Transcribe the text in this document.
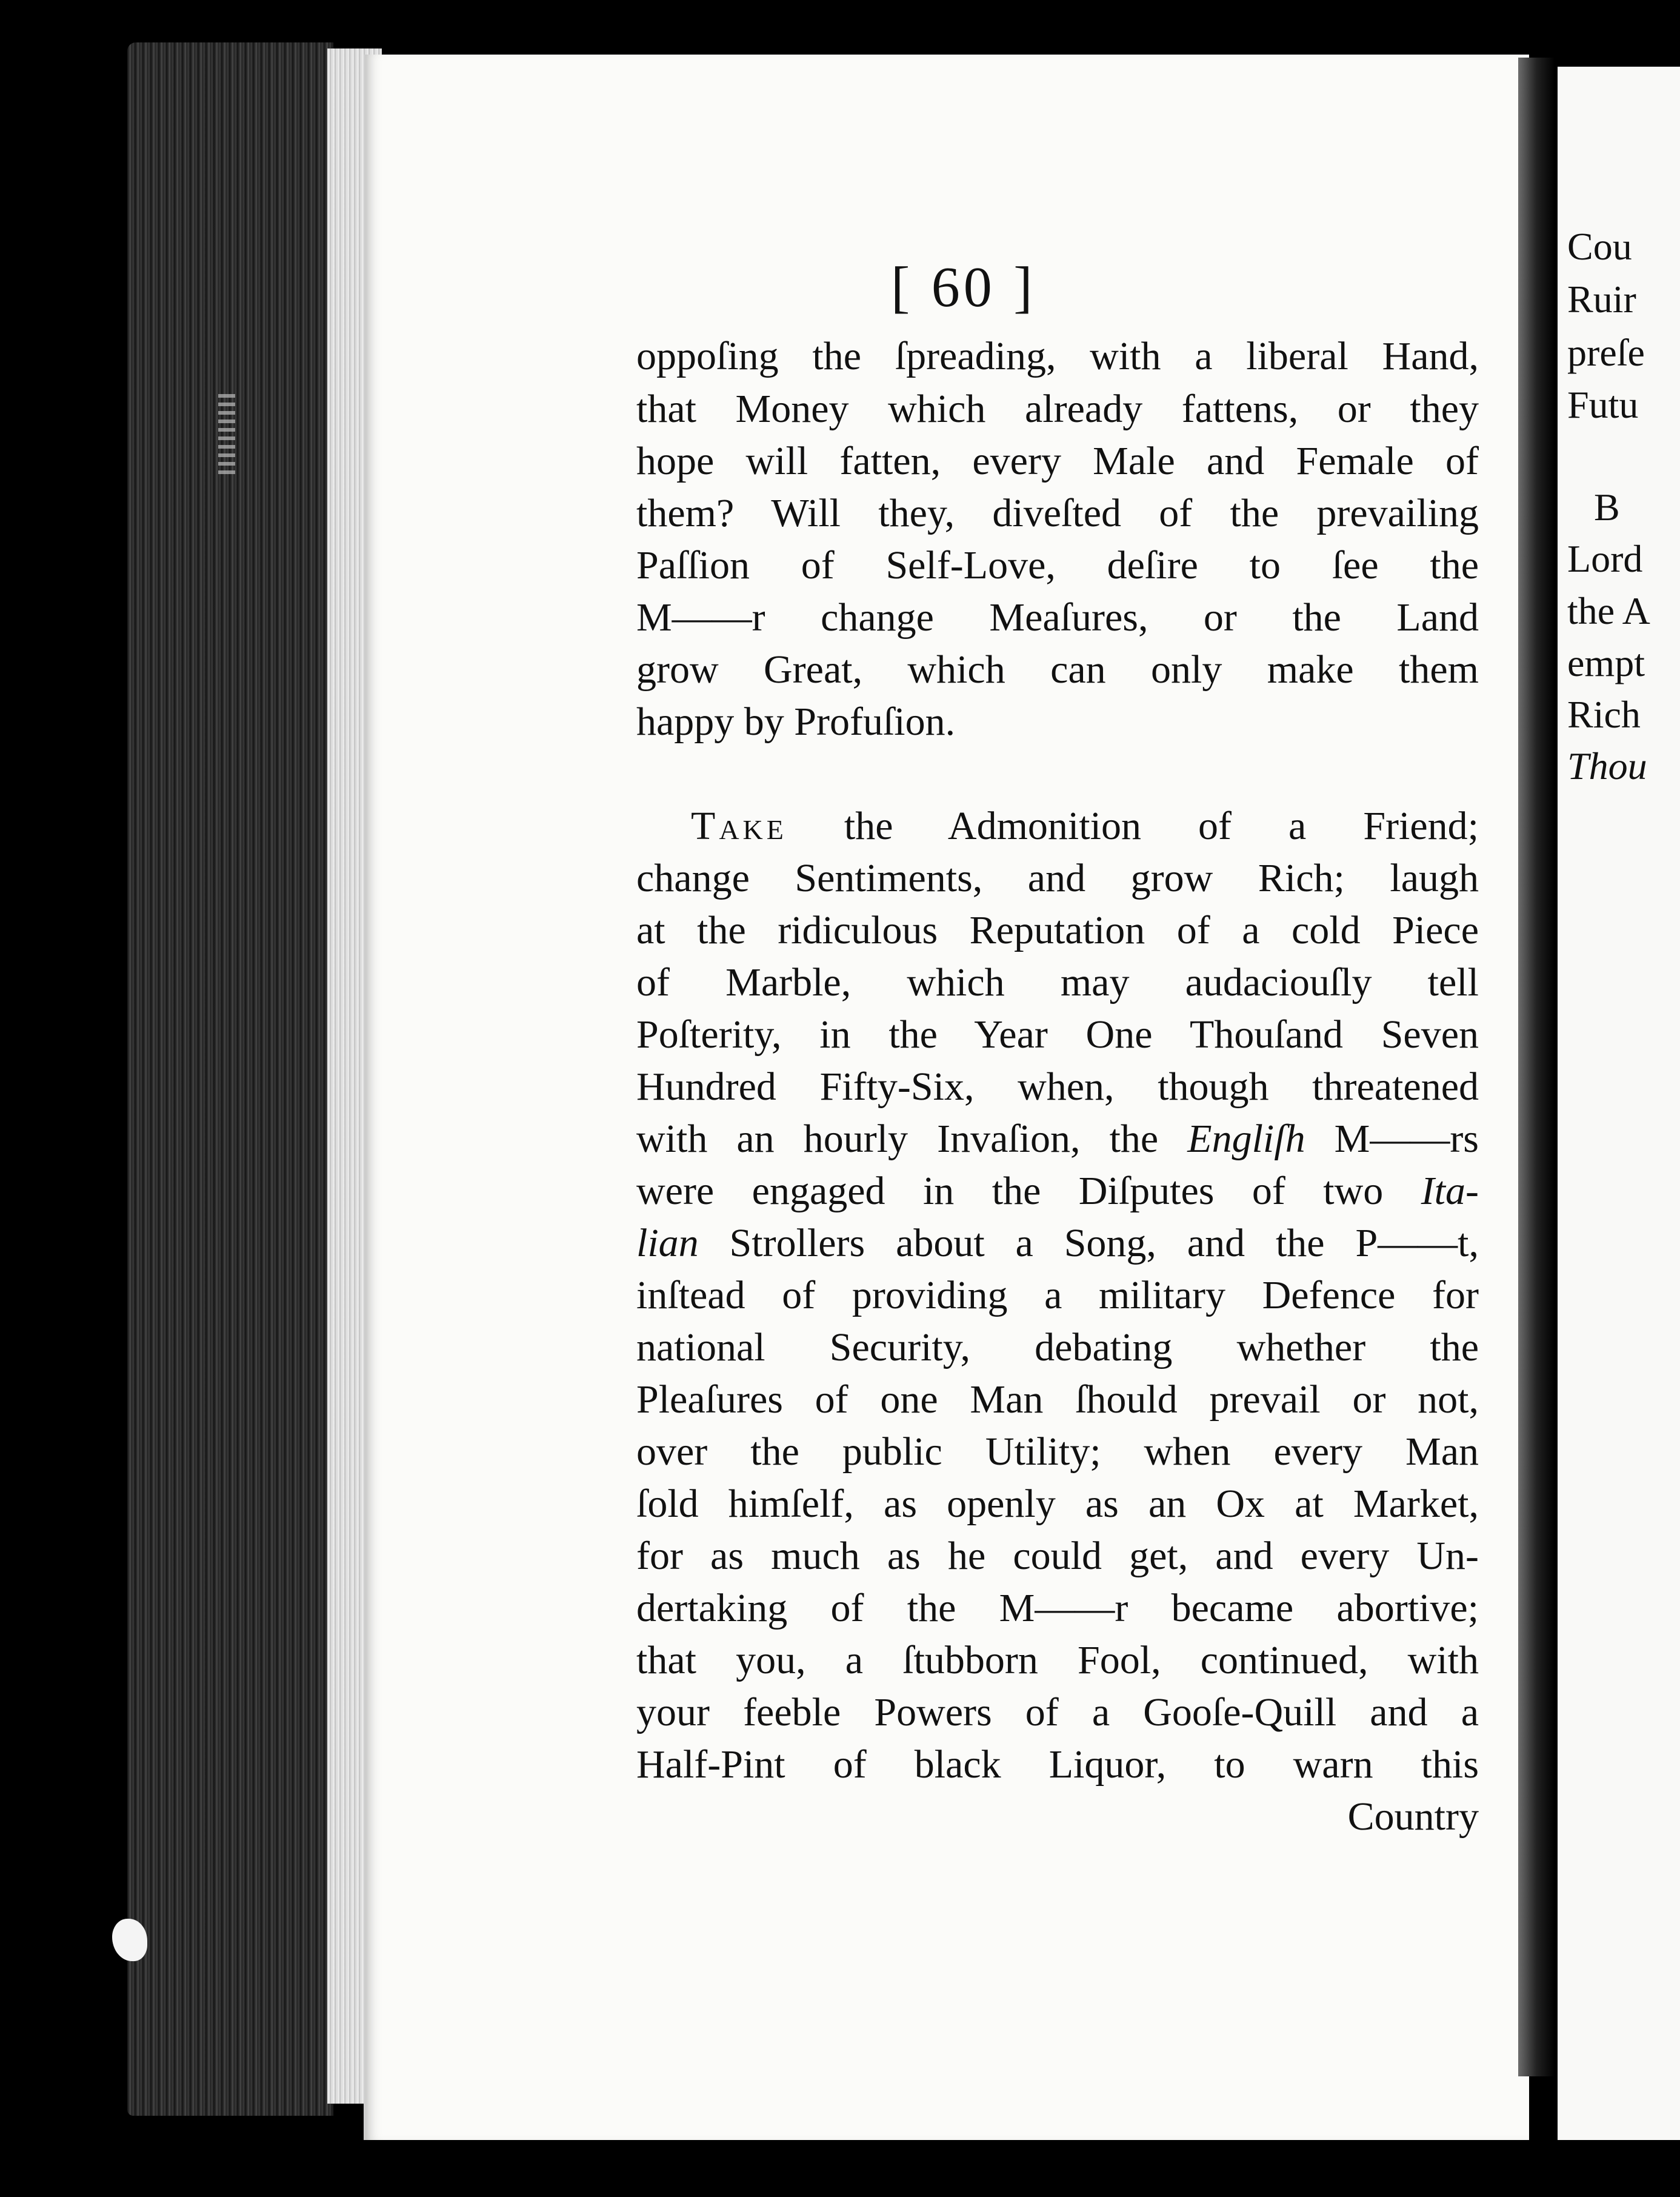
Cou
Ruir
preſe
Futu
B
Lord
the A
empt
Rich
Thou
[ 60 ]
oppoſing the ſpreading, with a liberal Hand,
that Money which already fattens, or they
hope will fatten, every Male and Female of
them? Will they, diveſted of the prevailing
Paſſion of Self-Love, deſire to ſee the
M——r change Meaſures, or the Land
grow Great, which can only make them
happy by Profuſion.
Take the Admonition of a Friend;
change Sentiments, and grow Rich; laugh
at the ridiculous Reputation of a cold Piece
of Marble, which may audaciouſly tell
Poſterity, in the Year One Thouſand Seven
Hundred Fifty-Six, when, though threatened
with an hourly Invaſion, the Engliſh M——rs
were engaged in the Diſputes of two Ita-
lian Strollers about a Song, and the P——t,
inſtead of providing a military Defence for
national Security, debating whether the
Pleaſures of one Man ſhould prevail or not,
over the public Utility; when every Man
ſold himſelf, as openly as an Ox at Market,
for as much as he could get, and every Un-
dertaking of the M——r became abortive;
that you, a ſtubborn Fool, continued, with
your feeble Powers of a Gooſe-Quill and a
Half-Pint of black Liquor, to warn this
Country
